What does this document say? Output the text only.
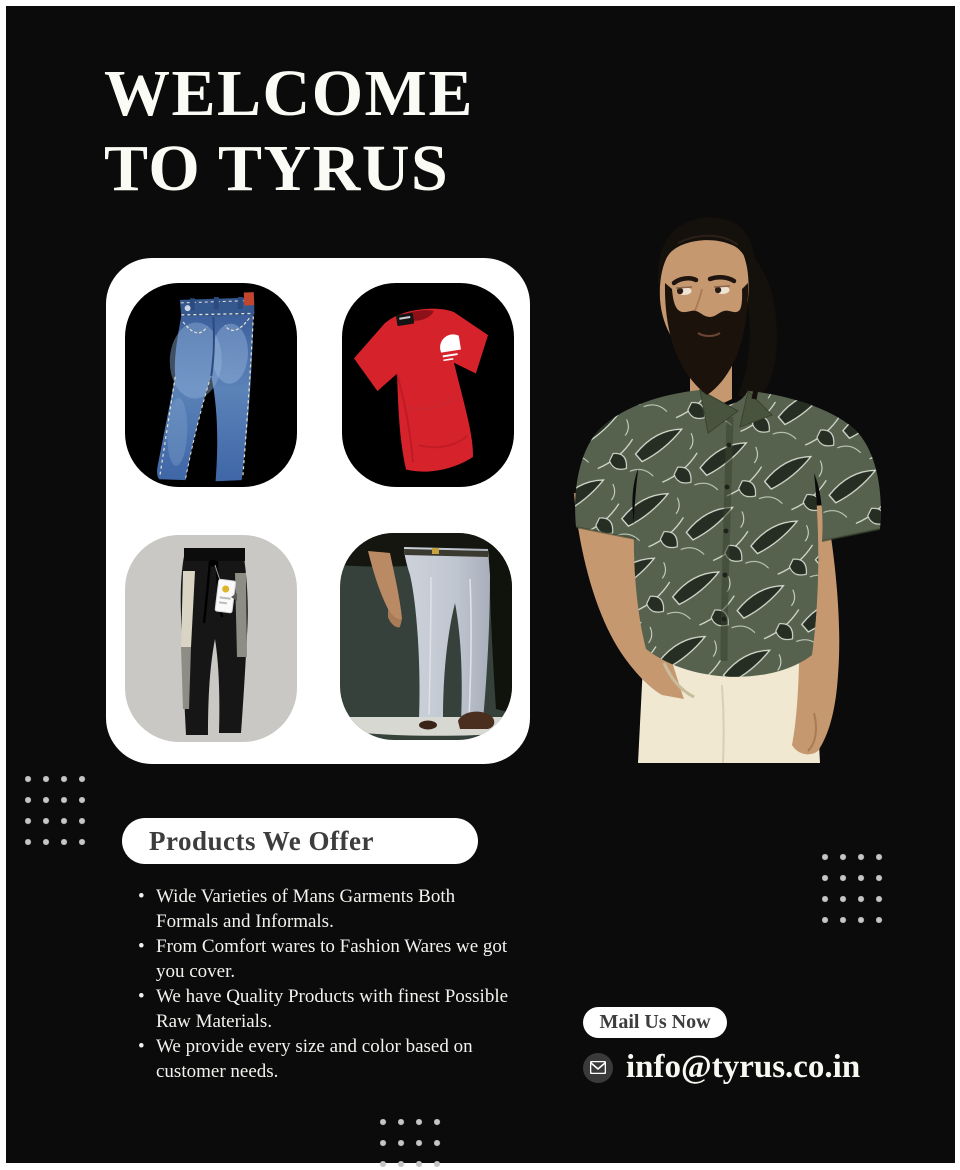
WELCOME
TO TYRUS
Products We Offer
• Wide Varieties of Mans Garments Both
Formals and Informals.
• From Comfort wares to Fashion Wares we got
you cover.
• We have Quality Products with finest Possible
Raw Materials.
• We provide every size and color based on
customer needs.
Mail Us Now
info@tyrus.co.in
